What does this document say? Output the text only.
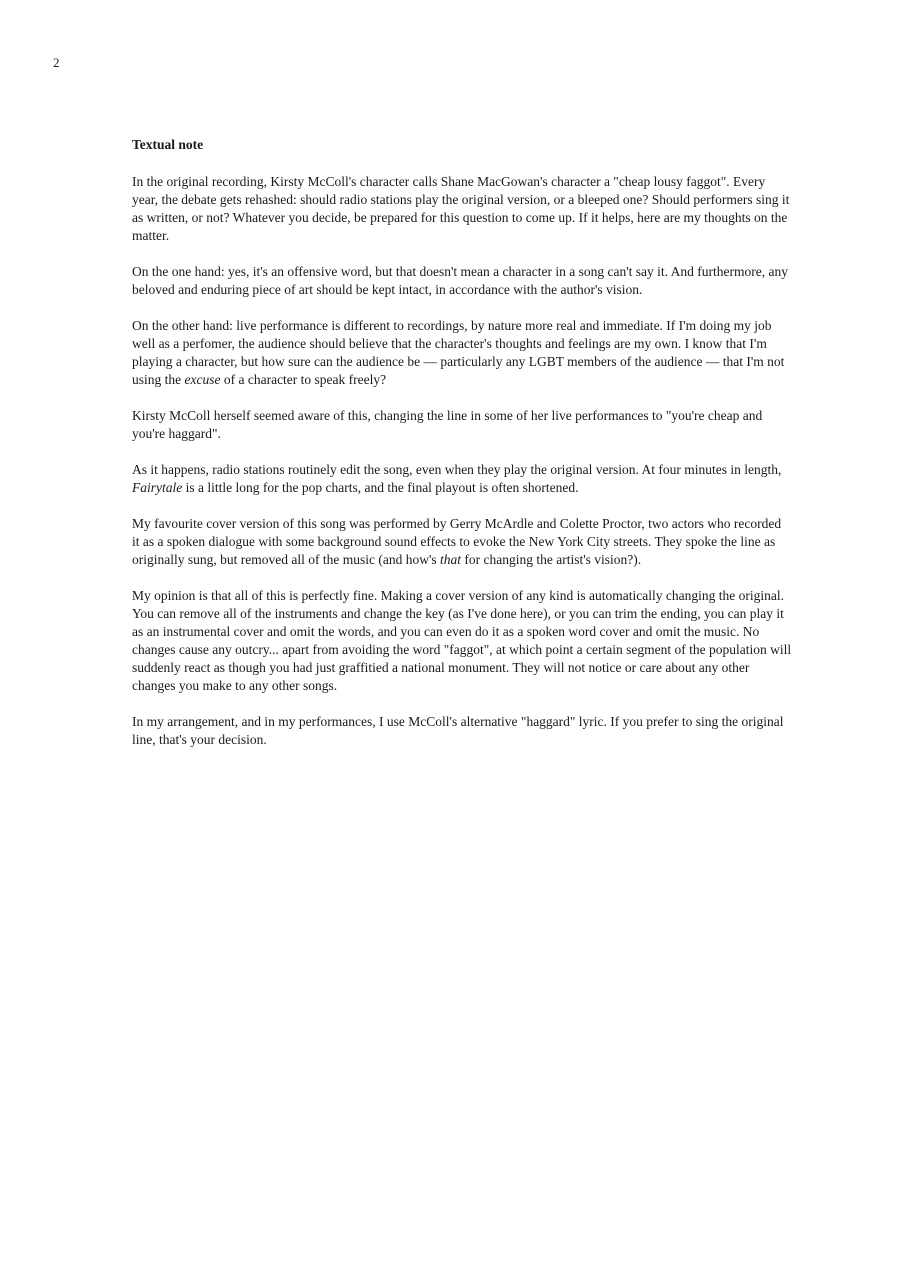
2

Textual note

In the original recording, Kirsty McColl's character calls Shane MacGowan's character a "cheap lousy faggot". Every year, the debate gets rehashed: should radio stations play the original version, or a bleeped one? Should performers sing it as written, or not? Whatever you decide, be prepared for this question to come up. If it helps, here are my thoughts on the matter.

On the one hand: yes, it's an offensive word, but that doesn't mean a character in a song can't say it. And furthermore, any beloved and enduring piece of art should be kept intact, in accordance with the author's vision.

On the other hand: live performance is different to recordings, by nature more real and immediate. If I'm doing my job well as a perfomer, the audience should believe that the character's thoughts and feelings are my own. I know that I'm playing a character, but how sure can the audience be — particularly any LGBT members of the audience — that I'm not using the excuse of a character to speak freely?

Kirsty McColl herself seemed aware of this, changing the line in some of her live performances to "you're cheap and you're haggard".

As it happens, radio stations routinely edit the song, even when they play the original version. At four minutes in length, Fairytale is a little long for the pop charts, and the final playout is often shortened.

My favourite cover version of this song was performed by Gerry McArdle and Colette Proctor, two actors who recorded it as a spoken dialogue with some background sound effects to evoke the New York City streets. They spoke the line as originally sung, but removed all of the music (and how's that for changing the artist's vision?).

My opinion is that all of this is perfectly fine. Making a cover version of any kind is automatically changing the original. You can remove all of the instruments and change the key (as I've done here), or you can trim the ending, you can play it as an instrumental cover and omit the words, and you can even do it as a spoken word cover and omit the music. No changes cause any outcry... apart from avoiding the word "faggot", at which point a certain segment of the population will suddenly react as though you had just graffitied a national monument. They will not notice or care about any other changes you make to any other songs.

In my arrangement, and in my performances, I use McColl's alternative "haggard" lyric. If you prefer to sing the original line, that's your decision.
